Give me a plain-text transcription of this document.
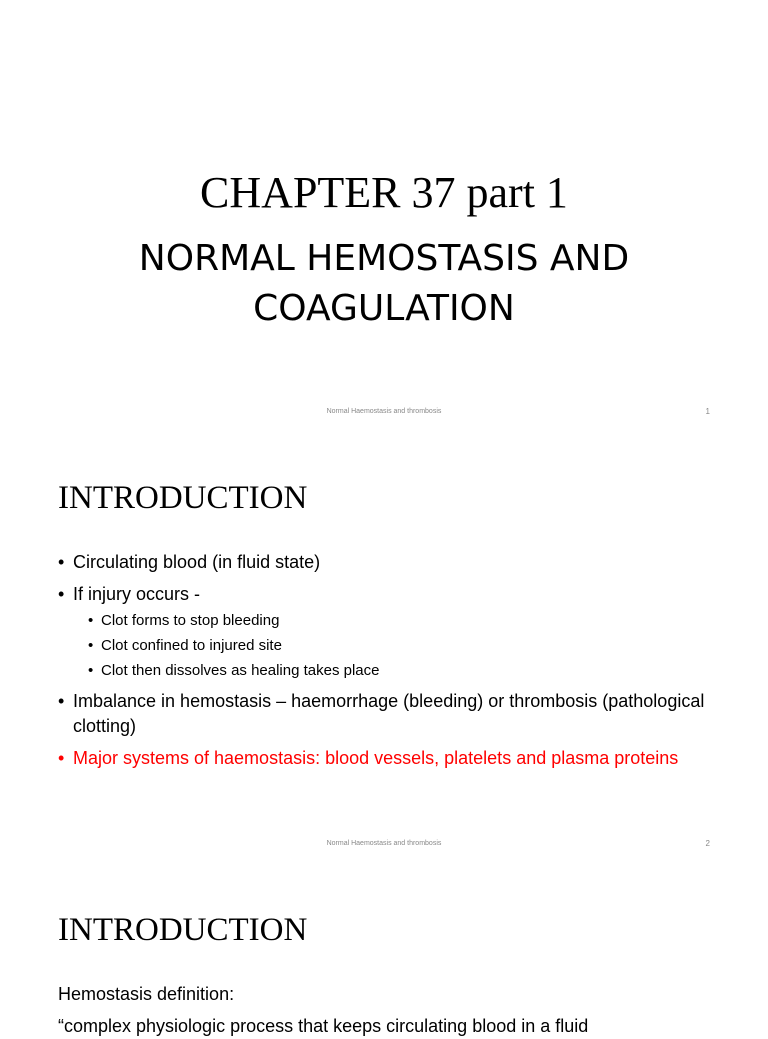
CHAPTER 37 part 1
NORMAL HEMOSTASIS AND
COAGULATION
Normal Haemostasis and thrombosis	1
INTRODUCTION
• Circulating blood (in fluid state)
• If injury occurs -
• Clot forms to stop bleeding
• Clot confined to injured site
• Clot then dissolves as healing takes place
• Imbalance in hemostasis – haemorrhage (bleeding) or thrombosis (pathological clotting)
• Major systems of haemostasis: blood vessels, platelets and plasma proteins
Normal Haemostasis and thrombosis	2
INTRODUCTION
Hemostasis definition:
“complex physiologic process that keeps circulating blood in a fluid
